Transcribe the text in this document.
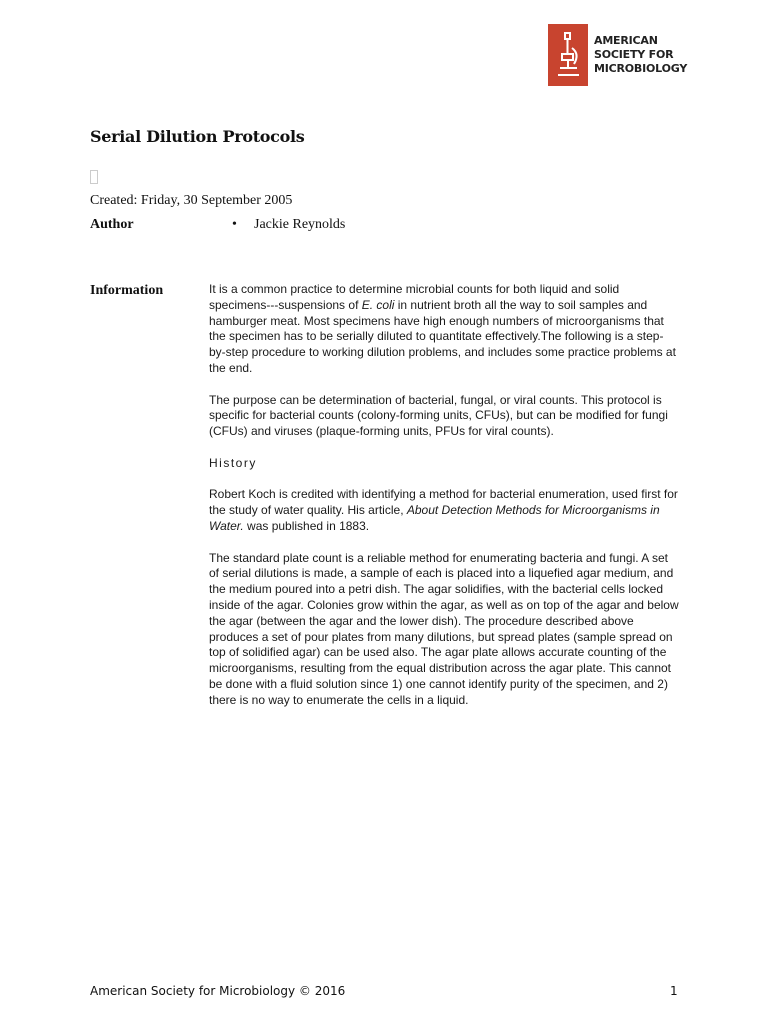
AMERICAN
SOCIETY FOR
MICROBIOLOGY
Serial Dilution Protocols
Created: Friday, 30 September 2005
Author	• Jackie Reynolds
Information	It is a common practice to determine microbial counts for both liquid and solid specimens---suspensions of E. coli in nutrient broth all the way to soil samples and hamburger meat. Most specimens have high enough numbers of microorganisms that the specimen has to be serially diluted to quantitate effectively.The following is a step-by-step procedure to working dilution problems, and includes some practice problems at the end.

The purpose can be determination of bacterial, fungal, or viral counts. This protocol is specific for bacterial counts (colony-forming units, CFUs), but can be modified for fungi (CFUs) and viruses (plaque-forming units, PFUs for viral counts).

History

Robert Koch is credited with identifying a method for bacterial enumeration, used first for the study of water quality. His article, About Detection Methods for Microorganisms in Water. was published in 1883.

The standard plate count is a reliable method for enumerating bacteria and fungi. A set of serial dilutions is made, a sample of each is placed into a liquefied agar medium, and the medium poured into a petri dish. The agar solidifies, with the bacterial cells locked inside of the agar. Colonies grow within the agar, as well as on top of the agar and below the agar (between the agar and the lower dish). The procedure described above produces a set of pour plates from many dilutions, but spread plates (sample spread on top of solidified agar) can be used also. The agar plate allows accurate counting of the microorganisms, resulting from the equal distribution across the agar plate. This cannot be done with a fluid solution since 1) one cannot identify purity of the specimen, and 2) there is no way to enumerate the cells in a liquid.

American Society for Microbiology © 2016	1
